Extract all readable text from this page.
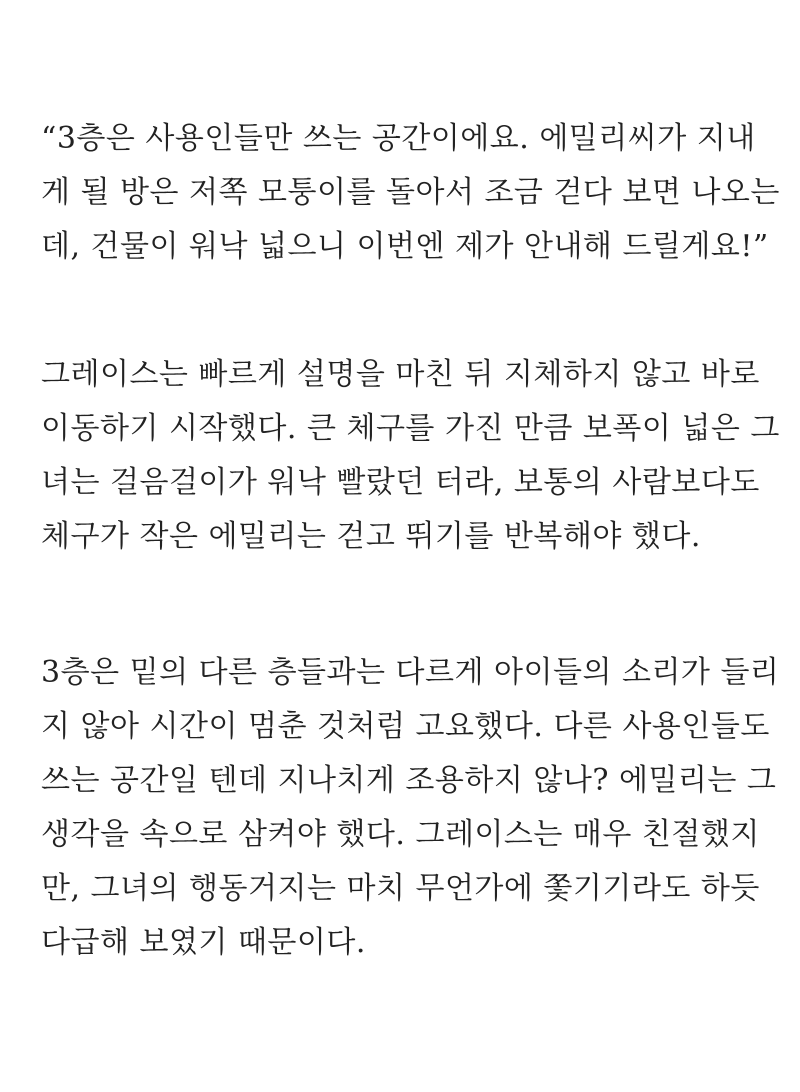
“3층은 사용인들만 쓰는 공간이에요. 에밀리씨가 지내
게 될 방은 저쪽 모퉁이를 돌아서 조금 걷다 보면 나오는
데, 건물이 워낙 넓으니 이번엔 제가 안내해 드릴게요!”
그레이스는 빠르게 설명을 마친 뒤 지체하지 않고 바로
이동하기 시작했다. 큰 체구를 가진 만큼 보폭이 넓은 그
녀는 걸음걸이가 워낙 빨랐던 터라, 보통의 사람보다도
체구가 작은 에밀리는 걷고 뛰기를 반복해야 했다.
3층은 밑의 다른 층들과는 다르게 아이들의 소리가 들리
지 않아 시간이 멈춘 것처럼 고요했다. 다른 사용인들도
쓰는 공간일 텐데 지나치게 조용하지 않나? 에밀리는 그
생각을 속으로 삼켜야 했다. 그레이스는 매우 친절했지
만, 그녀의 행동거지는 마치 무언가에 쫓기기라도 하듯
다급해 보였기 때문이다.
